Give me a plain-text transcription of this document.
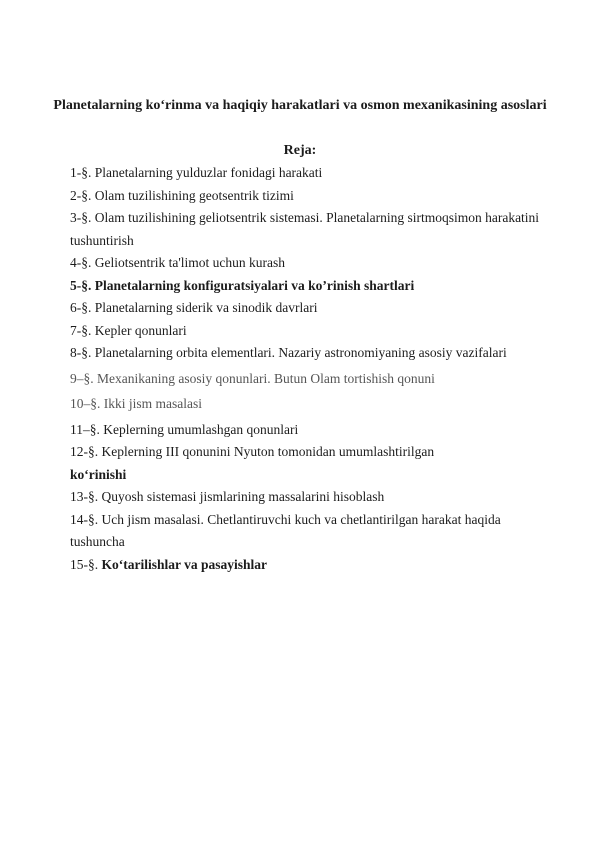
Planetalarning ko‘rinma va haqiqiy harakatlari va osmon mexanikasining asoslari
Reja:
1-§. Planetalarning yulduzlar fonidagi harakati
2-§. Olam tuzilishining geotsentrik tizimi
3-§. Olam tuzilishining geliotsentrik sistemasi. Planetalarning sirtmoqsimon harakatini tushuntirish
4-§. Geliotsentrik ta'limot uchun kurash
5-§. Planetalarning konfiguratsiyalari va ko’rinish shartlari
6-§. Planetalarning siderik va sinodik davrlari
7-§. Kepler qonunlari
8-§. Planetalarning orbita elementlari. Nazariy astronomiyaning asosiy vazifalari
9–§. Mexanikaning asosiy qonunlari. Butun Olam tortishish qonuni
10–§. Ikki jism masalasi
11–§. Keplerning umumlashgan qonunlari
12-§. Keplerning III qonunini Nyuton tomonidan umumlashtirilgan
ko‘rinishi
13-§. Quyosh sistemasi jismlarining massalarini hisoblash
14-§. Uch jism masalasi. Chetlantiruvchi kuch va chetlantirilgan harakat haqida tushuncha
15-§. Ko‘tarilishlar va pasayishlar
